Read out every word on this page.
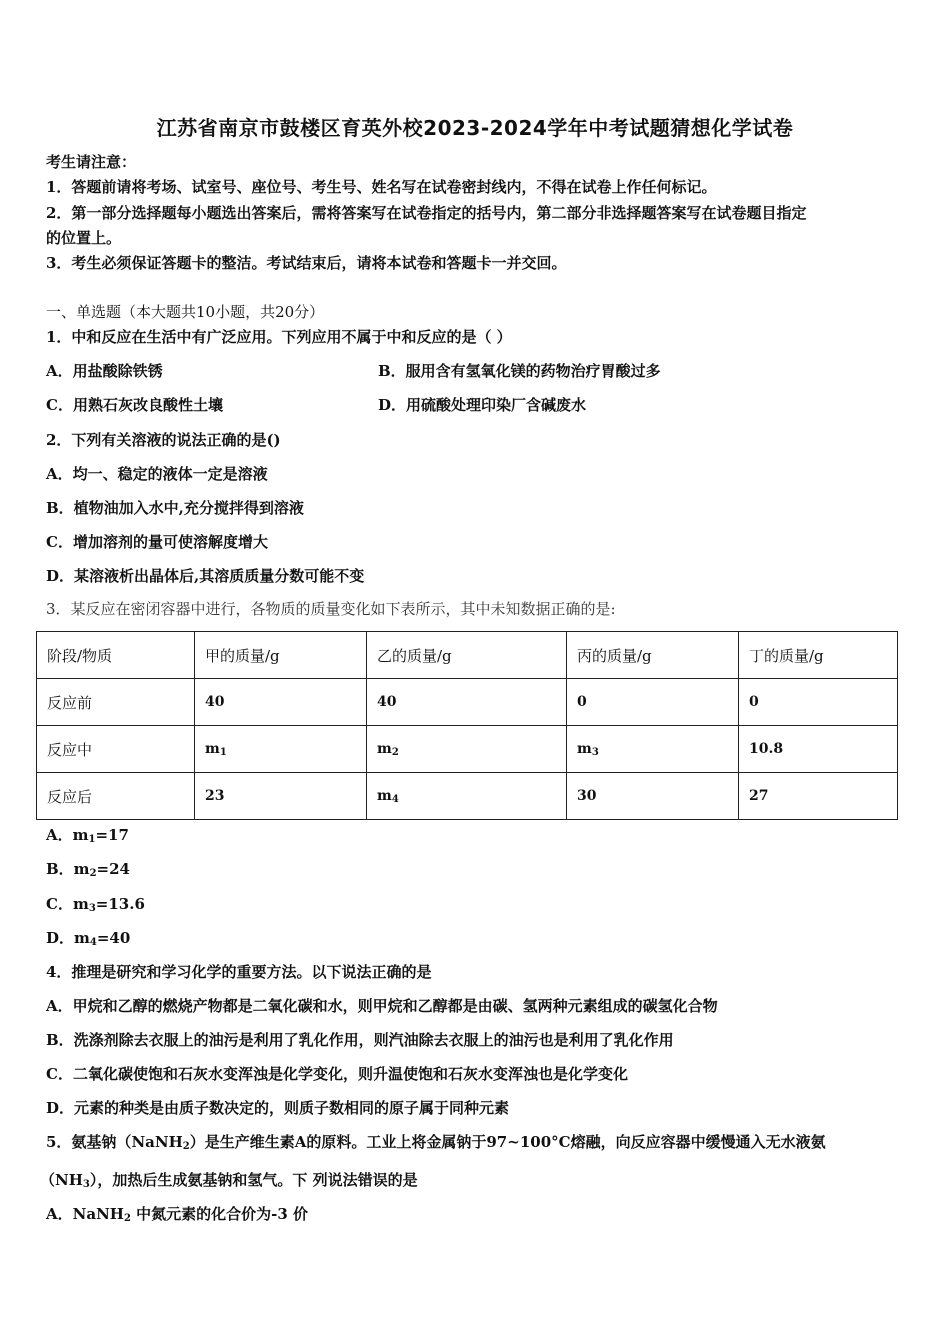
江苏省南京市鼓楼区育英外校2023-2024学年中考试题猜想化学试卷
考生请注意：
1．答题前请将考场、试室号、座位号、考生号、姓名写在试卷密封线内，不得在试卷上作任何标记。
2．第一部分选择题每小题选出答案后，需将答案写在试卷指定的括号内，第二部分非选择题答案写在试卷题目指定
的位置上。
3．考生必须保证答题卡的整洁。考试结束后，请将本试卷和答题卡一并交回。
一、单选题（本大题共10小题，共20分）
1．中和反应在生活中有广泛应用。下列应用不属于中和反应的是（ ）
A．用盐酸除铁锈	B．服用含有氢氧化镁的药物治疗胃酸过多
C．用熟石灰改良酸性土壤	D．用硫酸处理印染厂含碱废水
2．下列有关溶液的说法正确的是()
A．均一、稳定的液体一定是溶液
B．植物油加入水中,充分搅拌得到溶液
C．增加溶剂的量可使溶解度增大
D．某溶液析出晶体后,其溶质质量分数可能不变
3．某反应在密闭容器中进行，各物质的质量变化如下表所示，其中未知数据正确的是:
阶段/物质	甲的质量/g	乙的质量/g	丙的质量/g	丁的质量/g
反应前	40	40	0	0
反应中	$m_1$	$m_2$	$m_3$	10.8
反应后	23	$m_4$	30	27
A．$m_1=17$
B．$m_2=24$
C．$m_3=13.6$
D．$m_4=40$
4．推理是研究和学习化学的重要方法。以下说法正确的是
A．甲烷和乙醇的燃烧产物都是二氧化碳和水，则甲烷和乙醇都是由碳、氢两种元素组成的碳氢化合物
B．洗涤剂除去衣服上的油污是利用了乳化作用，则汽油除去衣服上的油污也是利用了乳化作用
C．二氧化碳使饱和石灰水变浑浊是化学变化，则升温使饱和石灰水变浑浊也是化学变化
D．元素的种类是由质子数决定的，则质子数相同的原子属于同种元素
5．氨基钠（NaNH$_2$）是生产维生素A的原料。工业上将金属钠于97~100°C熔融，向反应容器中缓慢通入无水液氨
$(NH_3)$，加热后生成氨基钠和氢气。下 列说法错误的是
A．NaNH$_2$ 中氮元素的化合价为-3 价
